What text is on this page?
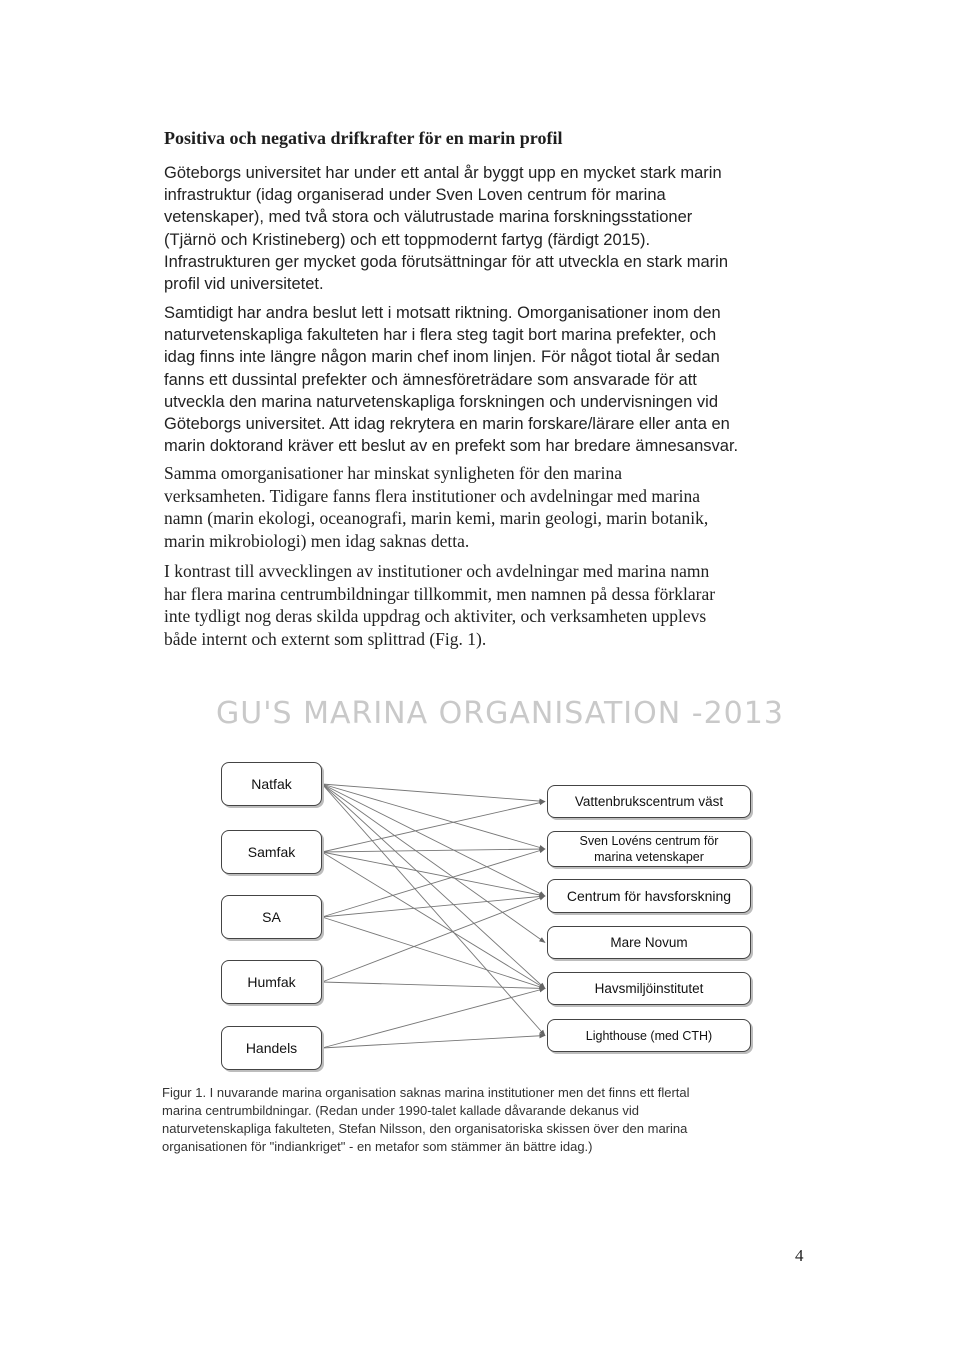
Positiva och negativa drifkrafter för en marin profil

Göteborgs universitet har under ett antal år byggt upp en mycket stark marin
infrastruktur (idag organiserad under Sven Loven centrum för marina
vetenskaper), med två stora och välutrustade marina forskningsstationer
(Tjärnö och Kristineberg) och ett toppmodernt fartyg (färdigt 2015).
Infrastrukturen ger mycket goda förutsättningar för att utveckla en stark marin
profil vid universitetet.

Samtidigt har andra beslut lett i motsatt riktning. Omorganisationer inom den
naturvetenskapliga fakulteten har i flera steg tagit bort marina prefekter, och
idag finns inte längre någon marin chef inom linjen. För något tiotal år sedan
fanns ett dussintal prefekter och ämnesföreträdare som ansvarade för att
utveckla den marina naturvetenskapliga forskningen och undervisningen vid
Göteborgs universitet. Att idag rekrytera en marin forskare/lärare eller anta en
marin doktorand kräver ett beslut av en prefekt som har bredare ämnesansvar.

Samma omorganisationer har minskat synligheten för den marina
verksamheten. Tidigare fanns flera institutioner och avdelningar med marina
namn (marin ekologi, oceanografi, marin kemi, marin geologi, marin botanik,
marin mikrobiologi) men idag saknas detta.

I kontrast till avvecklingen av institutioner och avdelningar med marina namn
har flera marina centrumbildningar tillkommit, men namnen på dessa förklarar
inte tydligt nog deras skilda uppdrag och aktiviter, och verksamheten upplevs
både internt och externt som splittrad (Fig. 1).

GU'S MARINA ORGANISATION -2013

Natfak
Samfak
SA
Humfak
Handels
Vattenbrukscentrum väst
Sven Lovéns centrum för marina vetenskaper
Centrum för havsforskning
Mare Novum
Havsmiljöinstitutet
Lighthouse (med CTH)

Figur 1. I nuvarande marina organisation saknas marina institutioner men det finns ett flertal
marina centrumbildningar. (Redan under 1990-talet kallade dåvarande dekanus vid
naturvetenskapliga fakulteten, Stefan Nilsson, den organisatoriska skissen över den marina
organisationen för "indiankriget" - en metafor som stämmer än bättre idag.)

4
